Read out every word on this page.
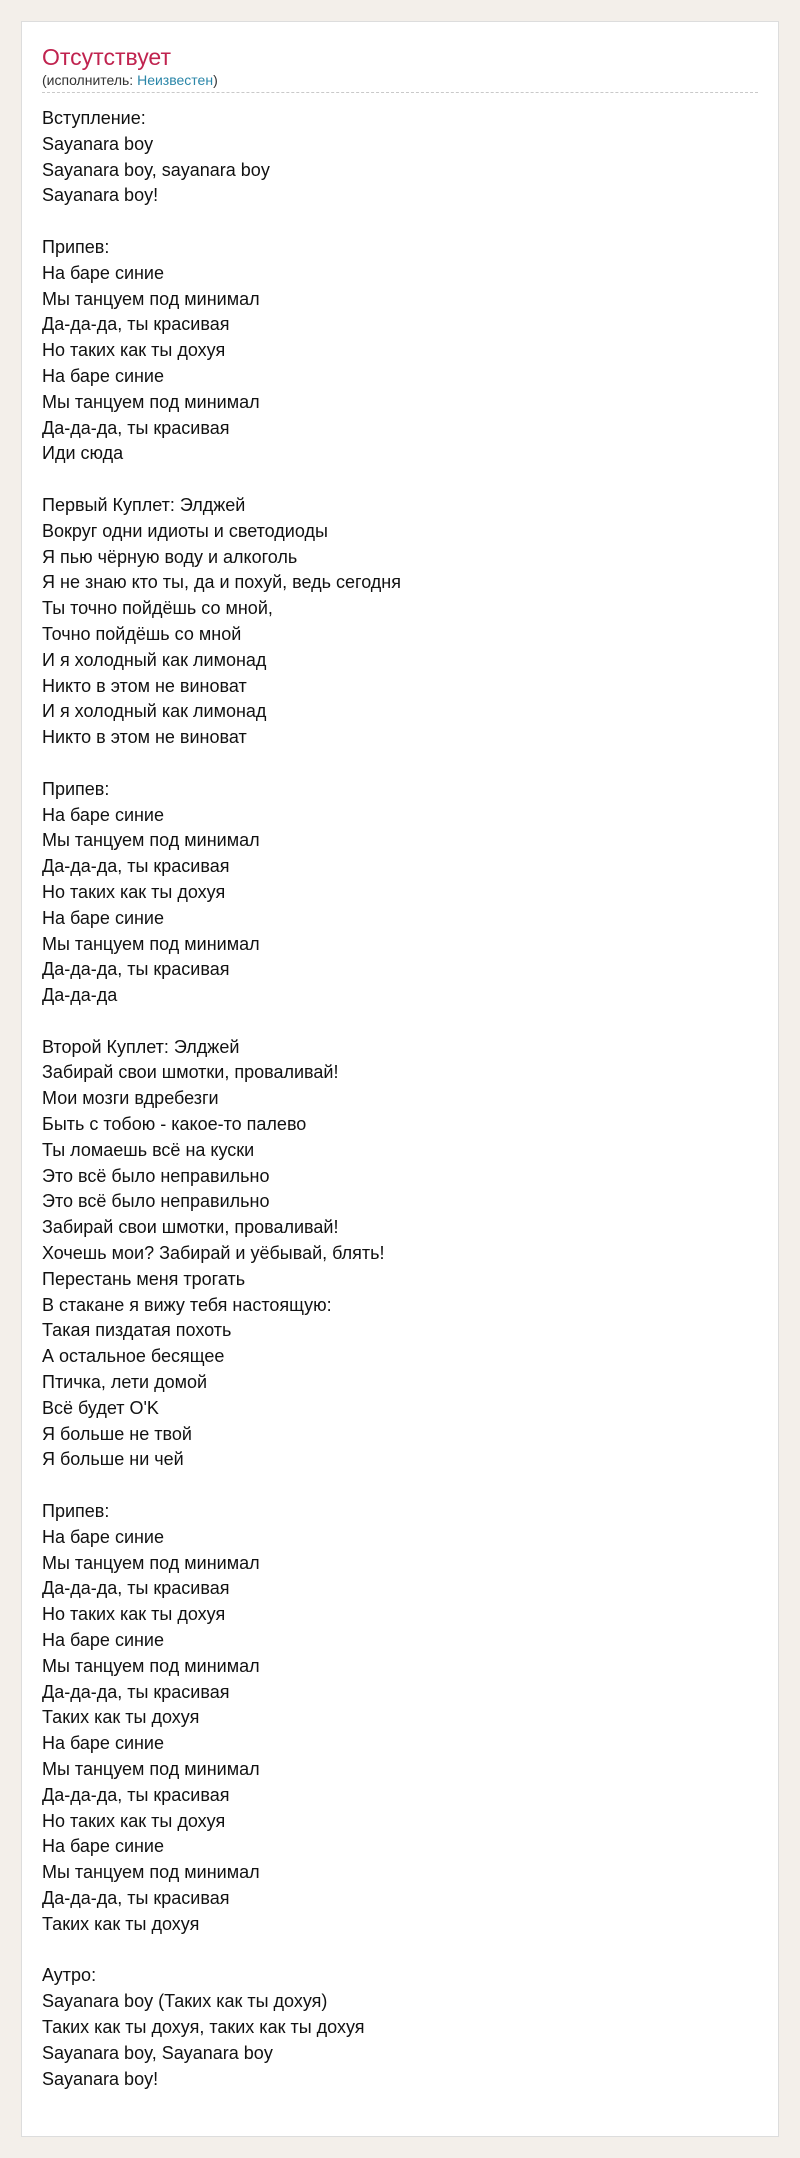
Отсутствует
(исполнитель: Неизвестен)
Вступление:
Sayanara boy
Sayanara boy, sayanara boy
Sayanara boy!
Припев:
На баре синие
Мы танцуем под минимал
Да-да-да, ты красивая
Но таких как ты дохуя
На баре синие
Мы танцуем под минимал
Да-да-да, ты красивая
Иди сюда
Первый Куплет: Элджей
Вокруг одни идиоты и светодиоды
Я пью чёрную воду и алкоголь
Я не знаю кто ты, да и похуй, ведь сегодня
Ты точно пойдёшь со мной,
Точно пойдёшь со мной
И я холодный как лимонад
Никто в этом не виноват
И я холодный как лимонад
Никто в этом не виноват
Припев:
На баре синие
Мы танцуем под минимал
Да-да-да, ты красивая
Но таких как ты дохуя
На баре синие
Мы танцуем под минимал
Да-да-да, ты красивая
Да-да-да
Второй Куплет: Элджей
Забирай свои шмотки, проваливай!
Мои мозги вдребезги
Быть с тобою - какое-то палево
Ты ломаешь всё на куски
Это всё было неправильно
Это всё было неправильно
Забирай свои шмотки, проваливай!
Хочешь мои? Забирай и уёбывай, блять!
Перестань меня трогать
В стакане я вижу тебя настоящую:
Такая пиздатая похоть
А остальное бесящее
Птичка, лети домой
Всё будет O'K
Я больше не твой
Я больше ни чей
Припев:
На баре синие
Мы танцуем под минимал
Да-да-да, ты красивая
Но таких как ты дохуя
На баре синие
Мы танцуем под минимал
Да-да-да, ты красивая
Таких как ты дохуя
На баре синие
Мы танцуем под минимал
Да-да-да, ты красивая
Но таких как ты дохуя
На баре синие
Мы танцуем под минимал
Да-да-да, ты красивая
Таких как ты дохуя
Аутро:
Sayanara boy (Таких как ты дохуя)
Таких как ты дохуя, таких как ты дохуя
Sayanara boy, Sayanara boy
Sayanara boy!
